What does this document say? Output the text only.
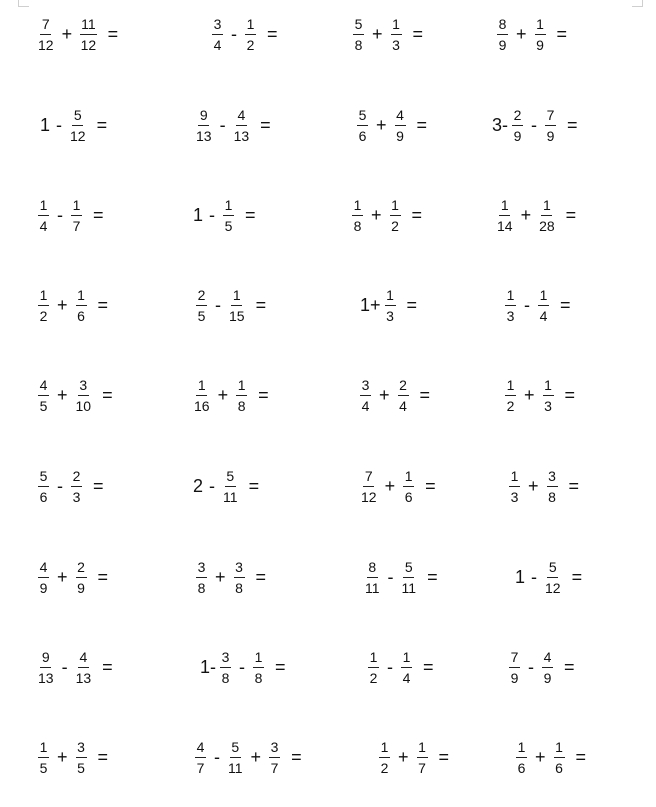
$\frac{7}{12} + \frac{11}{12}$ =	$\frac{3}{4} - \frac{1}{2}$ =	$\frac{5}{8} + \frac{1}{3}$ =	$\frac{8}{9} + \frac{1}{9}$ =
$1 - \frac{5}{12}$ =	$\frac{9}{13} - \frac{4}{13}$ =	$\frac{5}{6} + \frac{4}{9}$ =	$3- \frac{2}{9} - \frac{7}{9}$ =
$\frac{1}{4} - \frac{1}{7}$ =	$1 - \frac{1}{5}$ =	$\frac{1}{8} + \frac{1}{2}$ =	$\frac{1}{14} + \frac{1}{28}$ =
$\frac{1}{2} + \frac{1}{6}$ =	$\frac{2}{5} - \frac{1}{15}$ =	$1+ \frac{1}{3}$ =	$\frac{1}{3} - \frac{1}{4}$ =
$\frac{4}{5} + \frac{3}{10}$ =	$\frac{1}{16} + \frac{1}{8}$ =	$\frac{3}{4} + \frac{2}{4}$ =	$\frac{1}{2} + \frac{1}{3}$ =
$\frac{5}{6} - \frac{2}{3}$ =	$2 - \frac{5}{11}$ =	$\frac{7}{12} + \frac{1}{6}$ =	$\frac{1}{3} + \frac{3}{8}$ =
$\frac{4}{9} + \frac{2}{9}$ =	$\frac{3}{8} + \frac{3}{8}$ =	$\frac{8}{11} - \frac{5}{11}$ =	$1 - \frac{5}{12}$ =
$\frac{9}{13} - \frac{4}{13}$ =	$1- \frac{3}{8} - \frac{1}{8}$ =	$\frac{1}{2} - \frac{1}{4}$ =	$\frac{7}{9} - \frac{4}{9}$ =
$\frac{1}{5} + \frac{3}{5}$ =	$\frac{4}{7} - \frac{5}{11} + \frac{3}{7}$ =	$\frac{1}{2} + \frac{1}{7}$ =	$\frac{1}{6} + \frac{1}{6}$ =
